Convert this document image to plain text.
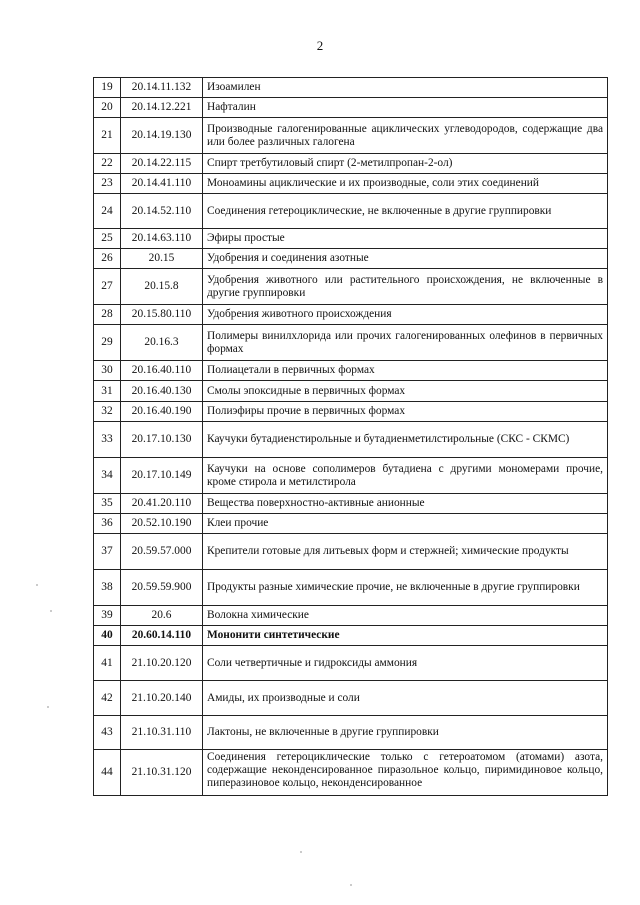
2
19	20.14.11.132	Изоамилен
20	20.14.12.221	Нафталин
21	20.14.19.130	Производные галогенированные ациклических углеводородов, содержащие два или более различных галогена
22	20.14.22.115	Спирт третбутиловый спирт (2-метилпропан-2-ол)
23	20.14.41.110	Моноамины ациклические и их производные, соли этих соединений
24	20.14.52.110	Соединения гетероциклические, не включенные в другие группировки
25	20.14.63.110	Эфиры простые
26	20.15	Удобрения и соединения азотные
27	20.15.8	Удобрения животного или растительного происхождения, не включенные в другие группировки
28	20.15.80.110	Удобрения животного происхождения
29	20.16.3	Полимеры винилхлорида или прочих галогенированных олефинов в первичных формах
30	20.16.40.110	Полиацетали в первичных формах
31	20.16.40.130	Смолы эпоксидные в первичных формах
32	20.16.40.190	Полиэфиры прочие в первичных формах
33	20.17.10.130	Каучуки бутадиенстирольные и бутадиенметилстирольные (СКС - СКМС)
34	20.17.10.149	Каучуки на основе сополимеров бутадиена с другими мономерами прочие, кроме стирола и метилстирола
35	20.41.20.110	Вещества поверхностно-активные анионные
36	20.52.10.190	Клеи прочие
37	20.59.57.000	Крепители готовые для литьевых форм и стержней; химические продукты
38	20.59.59.900	Продукты разные химические прочие, не включенные в другие группировки
39	20.6	Волокна химические
40	20.60.14.110	Мононити синтетические
41	21.10.20.120	Соли четвертичные и гидроксиды аммония
42	21.10.20.140	Амиды, их производные и соли
43	21.10.31.110	Лактоны, не включенные в другие группировки
44	21.10.31.120	Соединения гетероциклические только с гетероатомом (атомами) азота, содержащие неконденсированное пиразольное кольцо, пиримидиновое кольцо, пиперазиновое кольцо, неконденсированное
